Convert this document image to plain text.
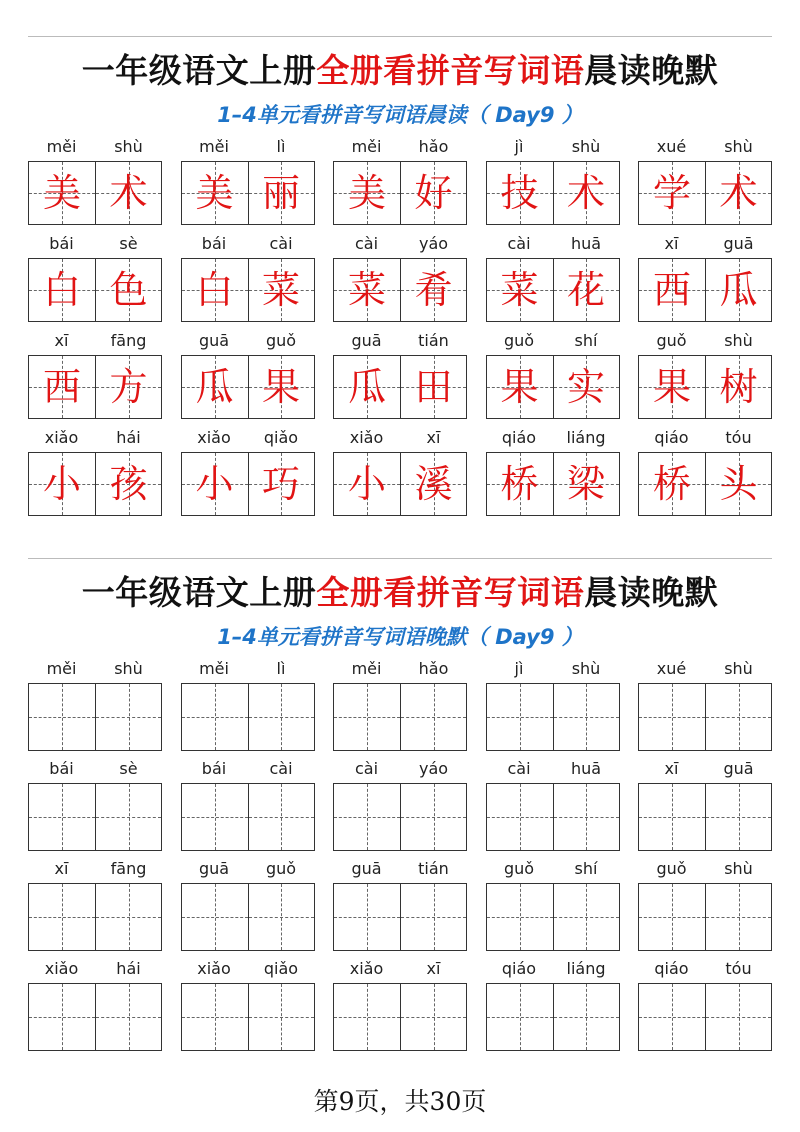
一年级语文上册全册看拼音写词语晨读晚默
1–4单元看拼音写词语晨读（ Day9 ）
měi	shù
美 术
měi	lì
美 丽
měi	hǎo
美 好
jì	shù
技 术
xué	shù
学 术
bái	sè
白 色
bái	cài
白 菜
cài	yáo
菜 肴
cài	huā
菜 花
xī	guā
西 瓜
xī	fāng
西 方
guā	guǒ
瓜 果
guā	tián
瓜 田
guǒ	shí
果 实
guǒ	shù
果 树
xiǎo	hái
小 孩
xiǎo	qiǎo
小 巧
xiǎo	xī
小 溪
qiáo	liáng
桥 梁
qiáo	tóu
桥 头
一年级语文上册全册看拼音写词语晨读晚默
1–4单元看拼音写词语晚默（ Day9 ）
měi	shù	měi	lì	měi	hǎo	jì	shù	xué	shù
bái	sè	bái	cài	cài	yáo	cài	huā	xī	guā
xī	fāng	guā	guǒ	guā	tián	guǒ	shí	guǒ	shù
xiǎo	hái	xiǎo	qiǎo	xiǎo	xī	qiáo	liáng	qiáo	tóu
第9页，共30页
